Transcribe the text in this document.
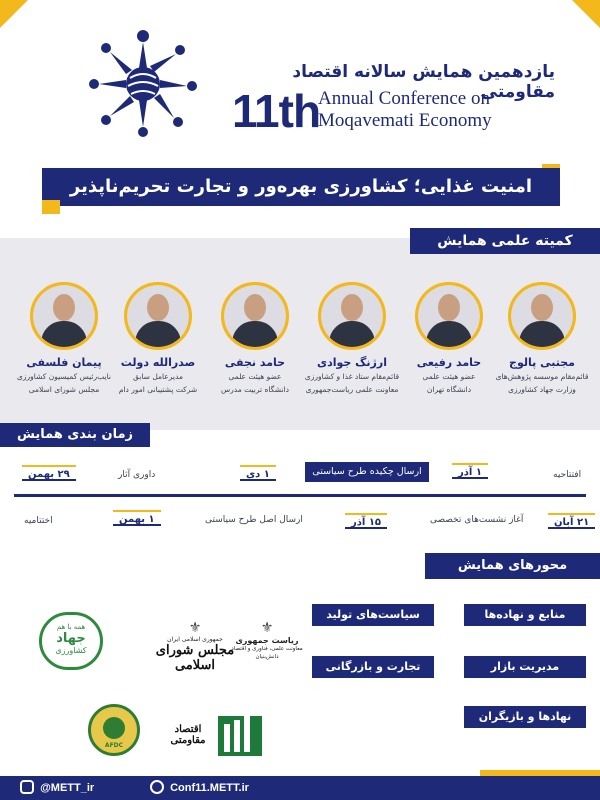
یازدهمین همایش سالانه اقتصاد مقاومتی
11th
Annual Conference on
Moqavemati Economy
امنیت غذایی؛ کشاورزی بهره‌ور و تجارت تحریم‌ناپذیر
کمیته علمی همایش
مجتبی پالوج
قائم‌مقام موسسه پژوهش‌های
وزارت جهاد کشاورزی
حامد رفیعی
عضو هیئت علمی
دانشگاه تهران
ارژنگ جوادی
قائم‌مقام ستاد غذا و کشاورزی
معاونت علمی ریاست‌جمهوری
حامد نجفی
عضو هیئت علمی
دانشگاه تربیت مدرس
صدرالله دولت
مدیرعامل سابق
شرکت پشتیبانی امور دام
پیمان فلسفی
نایب‌رئیس کمیسیون کشاورزی
مجلس شورای اسلامی
زمان بندی همایش
افتتاحیه
۲۱ آبان
۱ آذر
آغاز نشست‌های تخصصی
ارسال چکیده طرح سیاستی
۱۵ آذر
ارسال اصل طرح سیاستی
۱ دی
داوری آثار
۱ بهمن
۲۹ بهمن
اختتامیه
محورهای همایش
منابع و نهاده‌ها
سیاست‌های تولید
مدیریت بازار
تجارت و بازرگانی
نهادها و بازیگران
همه با هم
جهاد
کشاورزی
⚜
جمهوری اسلامی ایران
مجلس شورای اسلامی
⚜
ریاست جمهوری
معاونت علمی، فناوری و اقتصاد دانش‌بنیان
AFDC
اقتصاد مقاومتی
@METT_ir	Conf11.METT.ir
